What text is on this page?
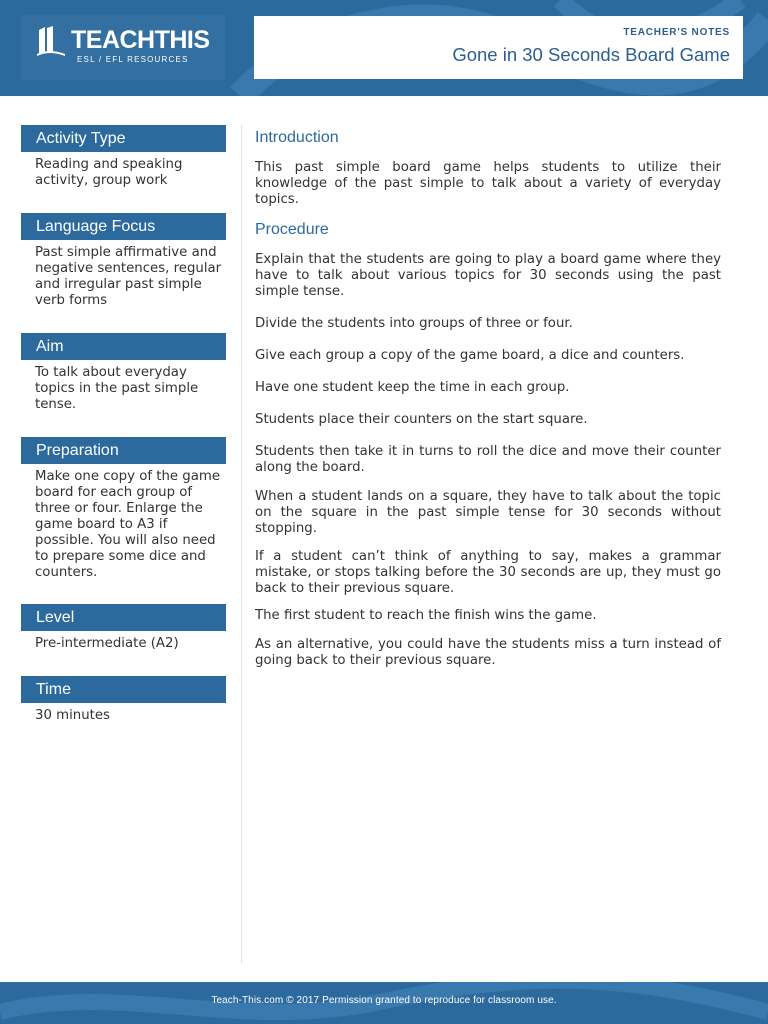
TEACHTHIS
ESL / EFL RESOURCES
TEACHER'S NOTES
Gone in 30 Seconds Board Game
Activity Type
Reading and speaking activity, group work
Language Focus
Past simple affirmative and negative sentences, regular and irregular past simple verb forms
Aim
To talk about everyday topics in the past simple tense.
Preparation
Make one copy of the game board for each group of three or four. Enlarge the game board to A3 if possible. You will also need to prepare some dice and counters.
Level
Pre-intermediate (A2)
Time
30 minutes
Introduction
This past simple board game helps students to utilize their knowledge of the past simple to talk about a variety of everyday topics.
Procedure
Explain that the students are going to play a board game where they have to talk about various topics for 30 seconds using the past simple tense.
Divide the students into groups of three or four.
Give each group a copy of the game board, a dice and counters.
Have one student keep the time in each group.
Students place their counters on the start square.
Students then take it in turns to roll the dice and move their counter along the board.
When a student lands on a square, they have to talk about the topic on the square in the past simple tense for 30 seconds without stopping.
If a student can’t think of anything to say, makes a grammar mistake, or stops talking before the 30 seconds are up, they must go back to their previous square.
The first student to reach the finish wins the game.
As an alternative, you could have the students miss a turn instead of going back to their previous square.
Teach-This.com © 2017 Permission granted to reproduce for classroom use.
